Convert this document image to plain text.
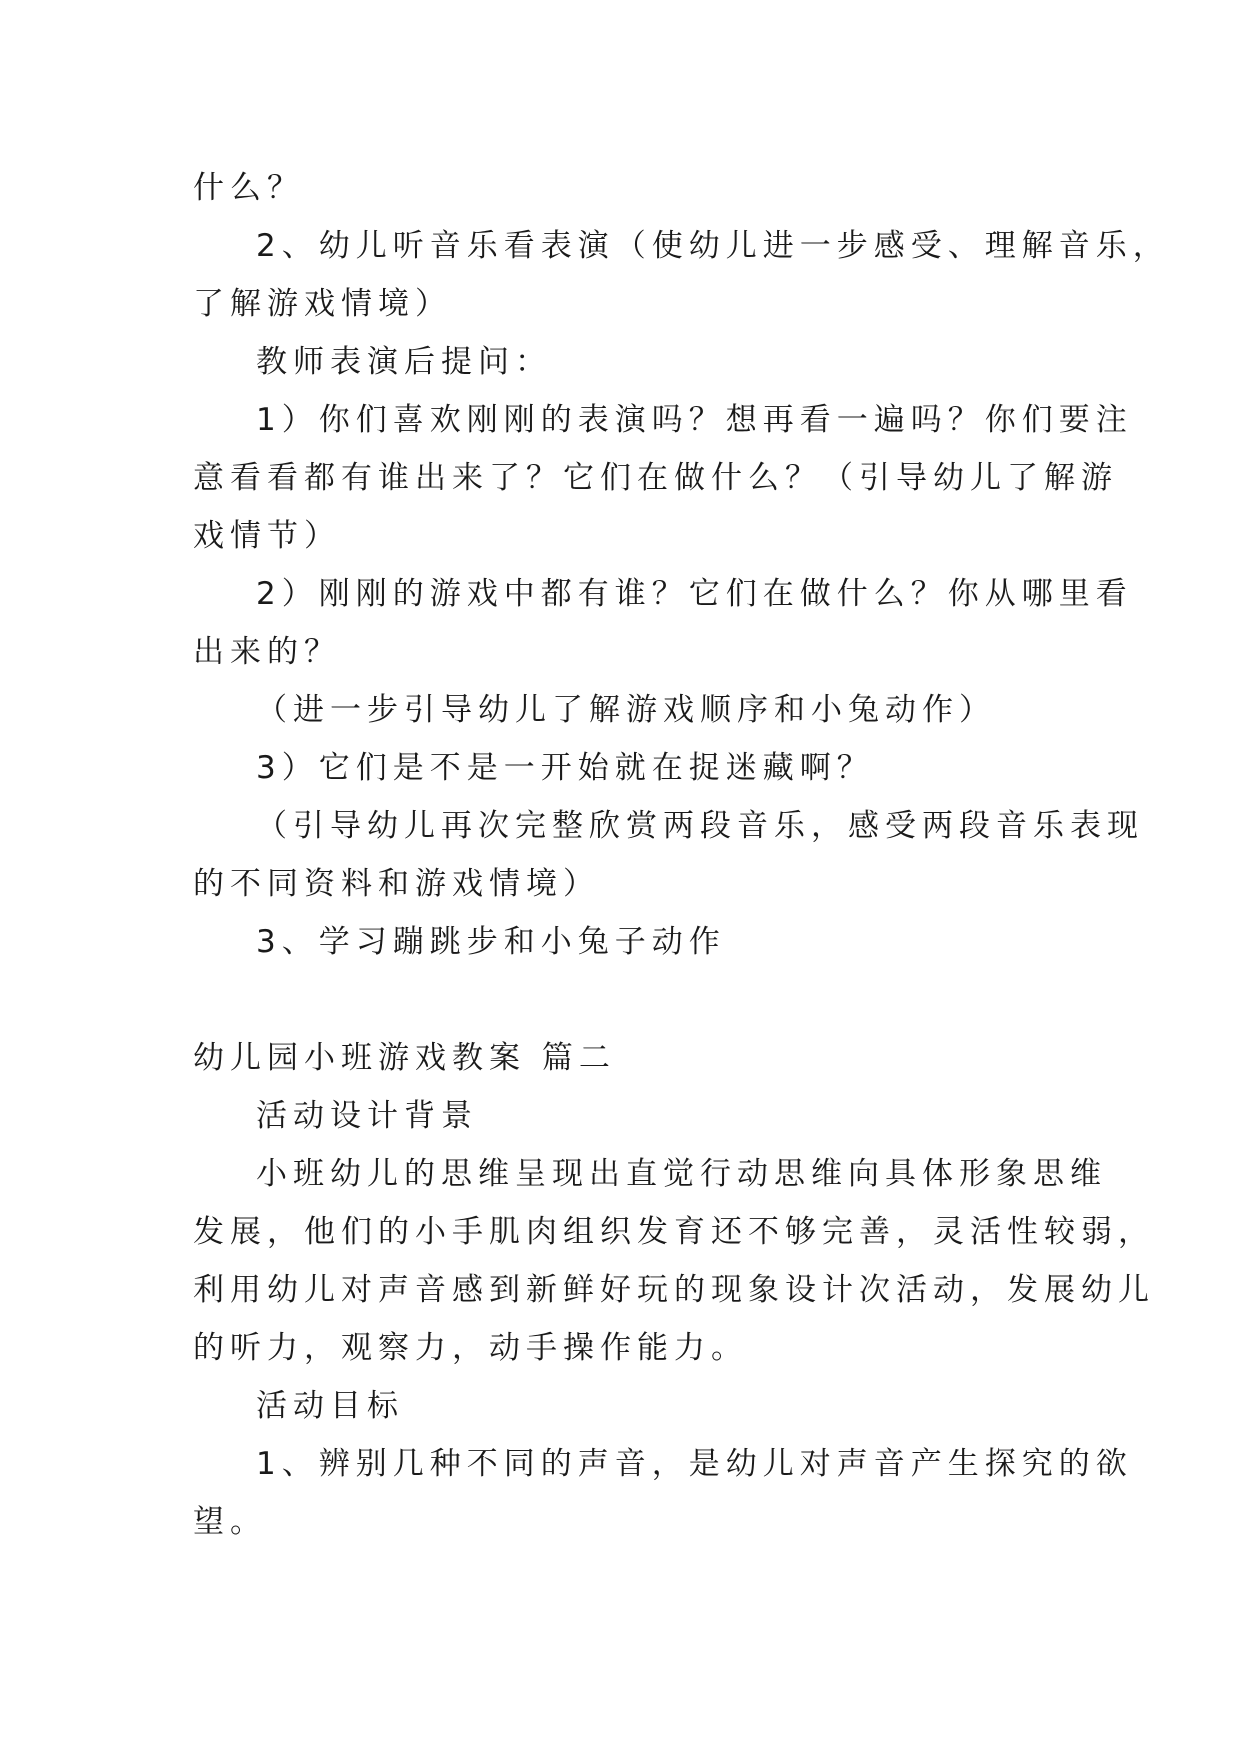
什么？
2、幼儿听音乐看表演（使幼儿进一步感受、理解音乐，
了解游戏情境）
教师表演后提问：
1）你们喜欢刚刚的表演吗？想再看一遍吗？你们要注
意看看都有谁出来了？它们在做什么？（引导幼儿了解游
戏情节）
2）刚刚的游戏中都有谁？它们在做什么？你从哪里看
出来的？
（进一步引导幼儿了解游戏顺序和小兔动作）
3）它们是不是一开始就在捉迷藏啊？
（引导幼儿再次完整欣赏两段音乐，感受两段音乐表现
的不同资料和游戏情境）
3、学习蹦跳步和小兔子动作
幼儿园小班游戏教案 篇二
活动设计背景
小班幼儿的思维呈现出直觉行动思维向具体形象思维
发展，他们的小手肌肉组织发育还不够完善，灵活性较弱，
利用幼儿对声音感到新鲜好玩的现象设计次活动，发展幼儿
的听力，观察力，动手操作能力。
活动目标
1、辨别几种不同的声音，是幼儿对声音产生探究的欲
望。
